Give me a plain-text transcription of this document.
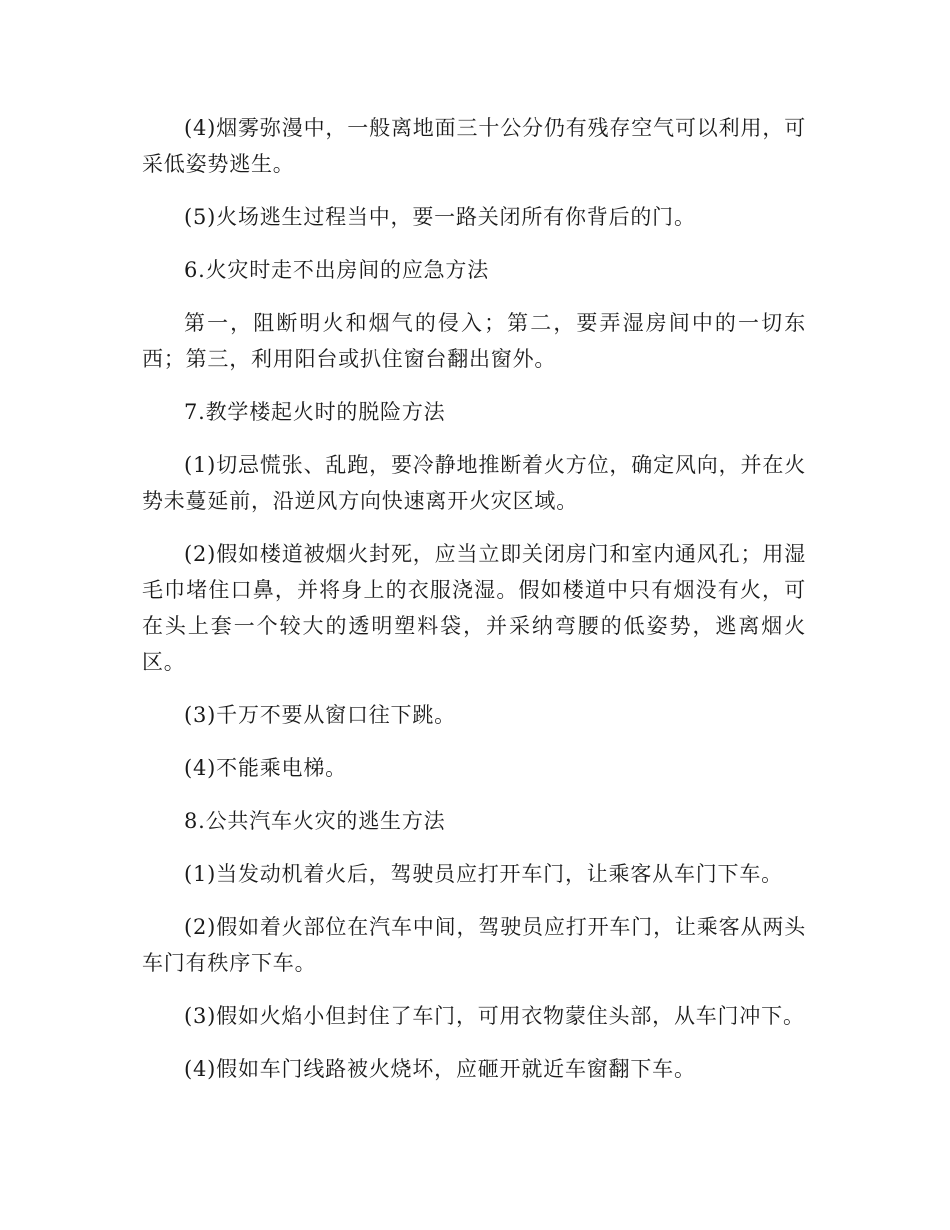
(4)烟雾弥漫中，一般离地面三十公分仍有残存空气可以利用，可采低姿势逃生。

(5)火场逃生过程当中，要一路关闭所有你背后的门。

6.火灾时走不出房间的应急方法

第一，阻断明火和烟气的侵入；第二，要弄湿房间中的一切东西；第三，利用阳台或扒住窗台翻出窗外。

7.教学楼起火时的脱险方法

(1)切忌慌张、乱跑，要冷静地推断着火方位，确定风向，并在火势未蔓延前，沿逆风方向快速离开火灾区域。

(2)假如楼道被烟火封死，应当立即关闭房门和室内通风孔；用湿毛巾堵住口鼻，并将身上的衣服浇湿。假如楼道中只有烟没有火，可在头上套一个较大的透明塑料袋，并采纳弯腰的低姿势，逃离烟火区。

(3)千万不要从窗口往下跳。

(4)不能乘电梯。

8.公共汽车火灾的逃生方法

(1)当发动机着火后，驾驶员应打开车门，让乘客从车门下车。

(2)假如着火部位在汽车中间，驾驶员应打开车门，让乘客从两头车门有秩序下车。

(3)假如火焰小但封住了车门，可用衣物蒙住头部，从车门冲下。

(4)假如车门线路被火烧坏，应砸开就近车窗翻下车。
